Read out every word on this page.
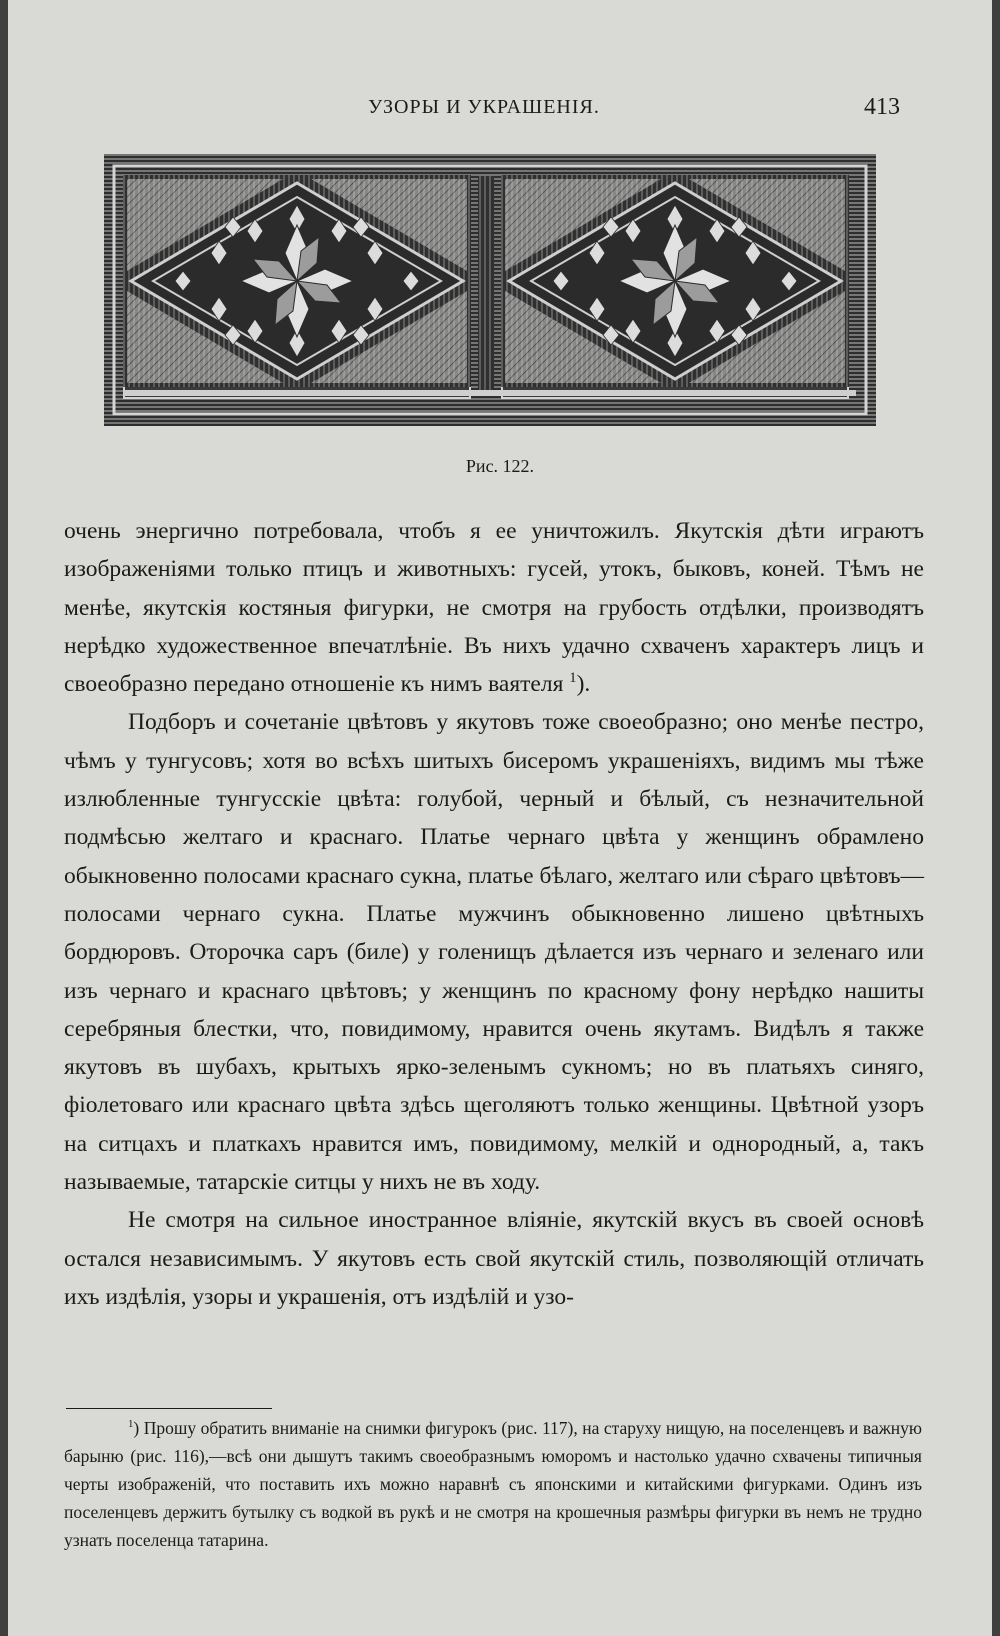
УЗОРЫ И УКРАШЕНІЯ.	413
Рис. 122.

очень энергично потребовала, чтобъ я ее уничтожилъ. Якутскія дѣти играютъ изображеніями только птицъ и животныхъ: гусей, утокъ, быковъ, коней. Тѣмъ не менѣе, якутскія костяныя фигурки, не смотря на грубость отдѣлки, производятъ нерѣдко художественное впечатлѣніе. Въ нихъ удачно схваченъ характеръ лицъ и своеобразно передано отношеніе къ нимъ ваятеля $^1$).

Подборъ и сочетаніе цвѣтовъ у якутовъ тоже своеобразно; оно менѣе пестро, чѣмъ у тунгусовъ; хотя во всѣхъ шитыхъ бисеромъ украшеніяхъ, видимъ мы тѣже излюбленные тунгусскіе цвѣта: голубой, черный и бѣлый, съ незначительной подмѣсью желтаго и краснаго. Платье чернаго цвѣта у женщинъ обрамлено обыкновенно полосами краснаго сукна, платье бѣлаго, желтаго или сѣраго цвѣтовъ—полосами чернаго сукна. Платье мужчинъ обыкновенно лишено цвѣтныхъ бордюровъ. Оторочка саръ (биле) у голенищъ дѣлается изъ чернаго и зеленаго или изъ чернаго и краснаго цвѣтовъ; у женщинъ по красному фону нерѣдко нашиты серебряныя блестки, что, повидимому, нравится очень якутамъ. Видѣлъ я также якутовъ въ шубахъ, крытыхъ ярко-зеленымъ сукномъ; но въ платьяхъ синяго, фіолетоваго или краснаго цвѣта здѣсь щеголяютъ только женщины. Цвѣтной узоръ на ситцахъ и платкахъ нравится имъ, повидимому, мелкій и однородный, а, такъ называемые, татарскіе ситцы у нихъ не въ ходу.

Не смотря на сильное иностранное вліяніе, якутскій вкусъ въ своей основѣ остался независимымъ. У якутовъ есть свой якутскій стиль, позволяющій отличать ихъ издѣлія, узоры и украшенія, отъ издѣлій и узо-

$^1$) Прошу обратить вниманіе на снимки фигурокъ (рис. 117), на старуху нищую, на поселенцевъ и важную барыню (рис. 116),—всѣ они дышутъ такимъ своеобразнымъ юморомъ и настолько удачно схвачены типичныя черты изображеній, что поставить ихъ можно наравнѣ съ японскими и китайскими фигурками. Одинъ изъ поселенцевъ держитъ бутылку съ водкой въ рукѣ и не смотря на крошечныя размѣры фигурки въ немъ не трудно узнать поселенца татарина.
